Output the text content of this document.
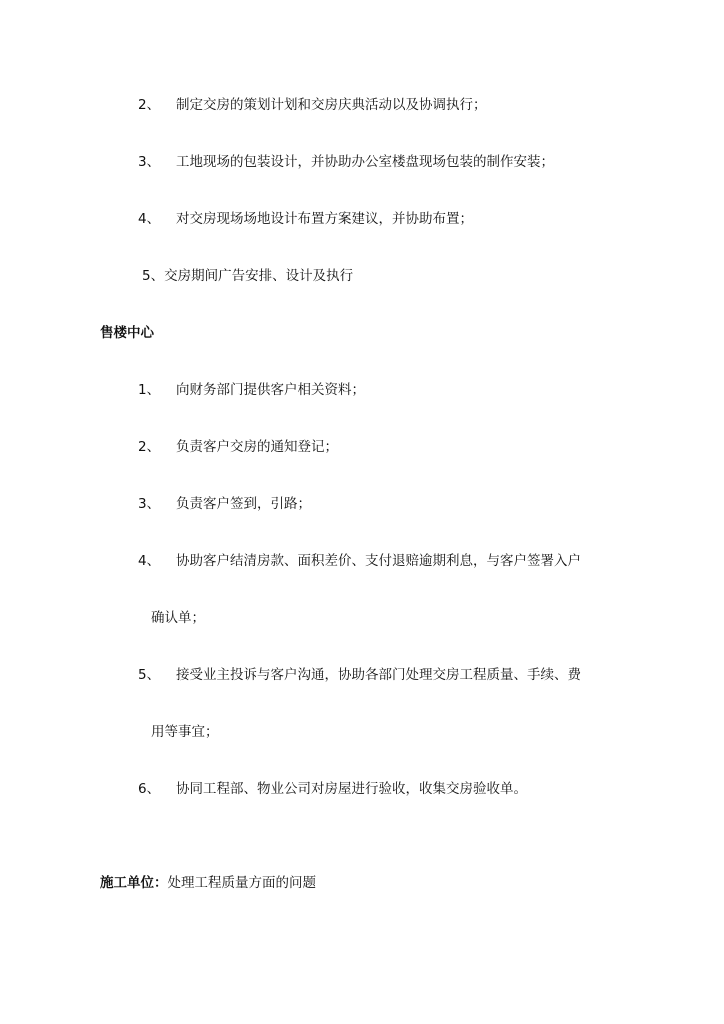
2、 制定交房的策划计划和交房庆典活动以及协调执行；
3、 工地现场的包装设计，并协助办公室楼盘现场包装的制作安装；
4、 对交房现场场地设计布置方案建议，并协助布置；
5、交房期间广告安排、设计及执行
售楼中心
1、 向财务部门提供客户相关资料；
2、 负责客户交房的通知登记；
3、 负责客户签到，引路；
4、 协助客户结清房款、面积差价、支付退赔逾期利息，与客户签署入户
确认单；
5、 接受业主投诉与客户沟通，协助各部门处理交房工程质量、手续、费
用等事宜；
6、 协同工程部、物业公司对房屋进行验收，收集交房验收单。
施工单位：处理工程质量方面的问题
